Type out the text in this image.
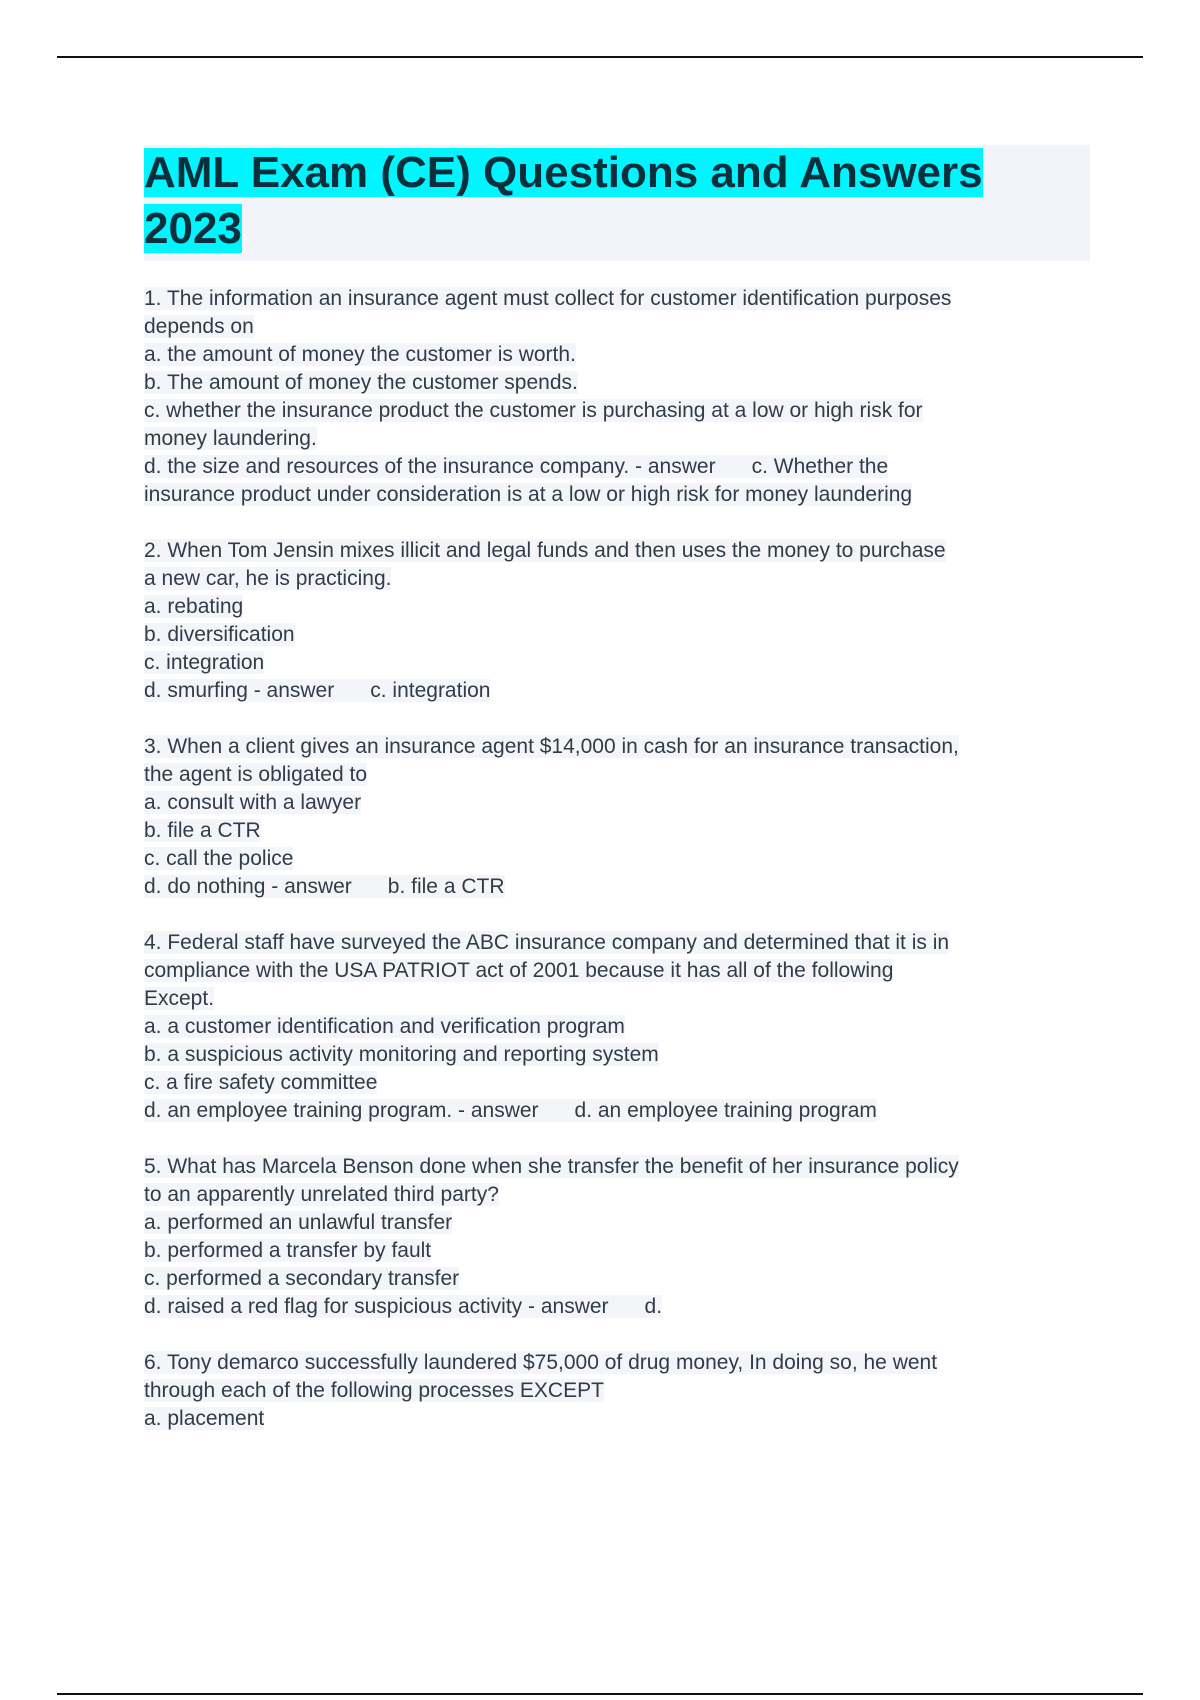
AML Exam (CE) Questions and Answers
2023
1. The information an insurance agent must collect for customer identification purposes
depends on
a. the amount of money the customer is worth.
b. The amount of money the customer spends.
c. whether the insurance product the customer is purchasing at a low or high risk for
money laundering.
d. the size and resources of the insurance company. - answer c. Whether the
insurance product under consideration is at a low or high risk for money laundering
2. When Tom Jensin mixes illicit and legal funds and then uses the money to purchase
a new car, he is practicing.
a. rebating
b. diversification
c. integration
d. smurfing - answer c. integration
3. When a client gives an insurance agent $14,000 in cash for an insurance transaction,
the agent is obligated to
a. consult with a lawyer
b. file a CTR
c. call the police
d. do nothing - answer b. file a CTR
4. Federal staff have surveyed the ABC insurance company and determined that it is in
compliance with the USA PATRIOT act of 2001 because it has all of the following
Except.
a. a customer identification and verification program
b. a suspicious activity monitoring and reporting system
c. a fire safety committee
d. an employee training program. - answer d. an employee training program
5. What has Marcela Benson done when she transfer the benefit of her insurance policy
to an apparently unrelated third party?
a. performed an unlawful transfer
b. performed a transfer by fault
c. performed a secondary transfer
d. raised a red flag for suspicious activity - answer d.
6. Tony demarco successfully laundered $75,000 of drug money, In doing so, he went
through each of the following processes EXCEPT
a. placement
